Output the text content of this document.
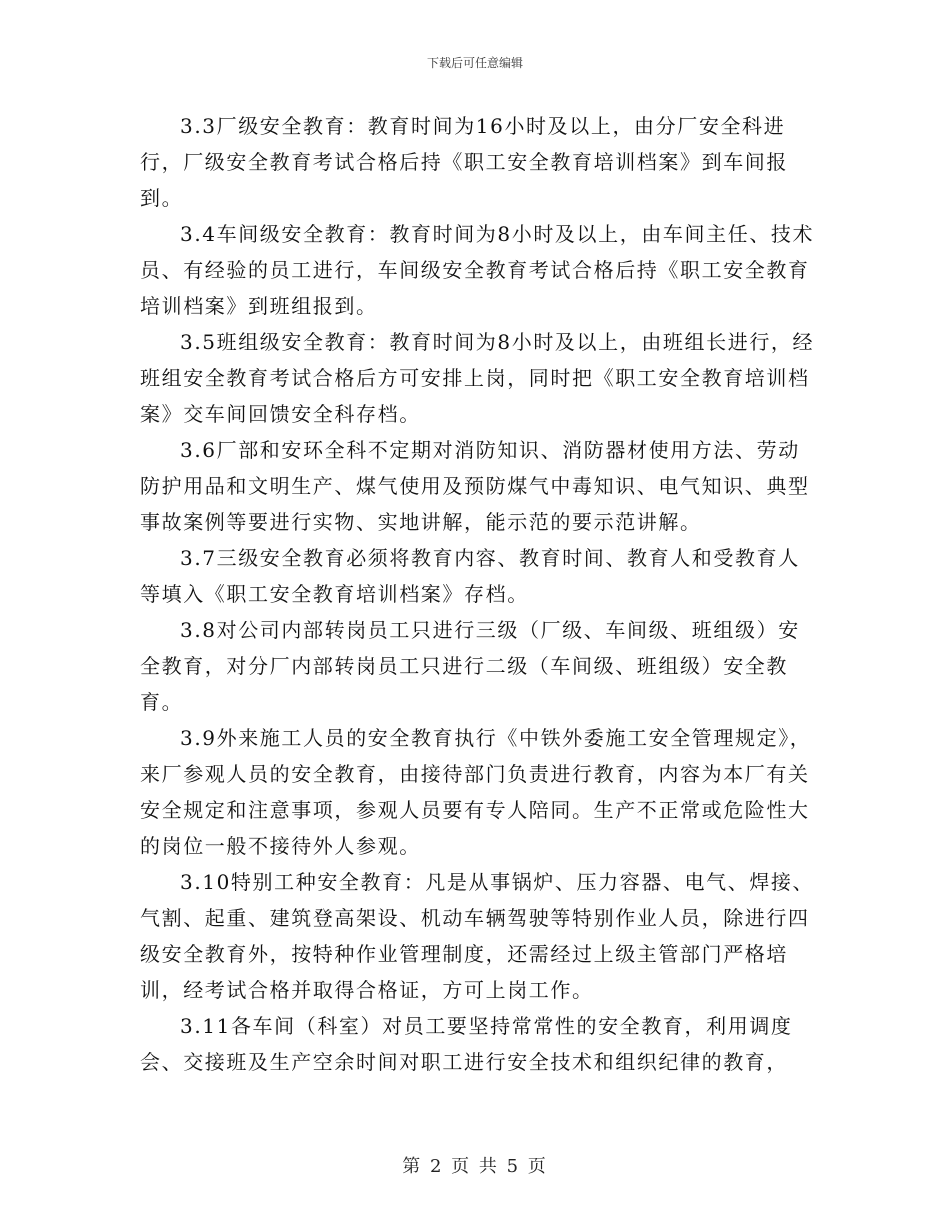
下载后可任意编辑

3.3厂级安全教育：教育时间为16小时及以上，由分厂安全科进行，厂级安全教育考试合格后持《职工安全教育培训档案》到车间报到。

3.4车间级安全教育：教育时间为8小时及以上，由车间主任、技术员、有经验的员工进行，车间级安全教育考试合格后持《职工安全教育培训档案》到班组报到。

3.5班组级安全教育：教育时间为8小时及以上，由班组长进行，经班组安全教育考试合格后方可安排上岗，同时把《职工安全教育培训档案》交车间回馈安全科存档。

3.6厂部和安环全科不定期对消防知识、消防器材使用方法、劳动防护用品和文明生产、煤气使用及预防煤气中毒知识、电气知识、典型事故案例等要进行实物、实地讲解，能示范的要示范讲解。

3.7三级安全教育必须将教育内容、教育时间、教育人和受教育人等填入《职工安全教育培训档案》存档。

3.8对公司内部转岗员工只进行三级（厂级、车间级、班组级）安全教育，对分厂内部转岗员工只进行二级（车间级、班组级）安全教育。

3.9外来施工人员的安全教育执行《中铁外委施工安全管理规定》，来厂参观人员的安全教育，由接待部门负责进行教育，内容为本厂有关安全规定和注意事项，参观人员要有专人陪同。生产不正常或危险性大的岗位一般不接待外人参观。

3.10特别工种安全教育：凡是从事锅炉、压力容器、电气、焊接、气割、起重、建筑登高架设、机动车辆驾驶等特别作业人员，除进行四级安全教育外，按特种作业管理制度，还需经过上级主管部门严格培训，经考试合格并取得合格证，方可上岗工作。

3.11各车间（科室）对员工要坚持常常性的安全教育，利用调度会、交接班及生产空余时间对职工进行安全技术和组织纪律的教育，

第 2 页 共 5 页
